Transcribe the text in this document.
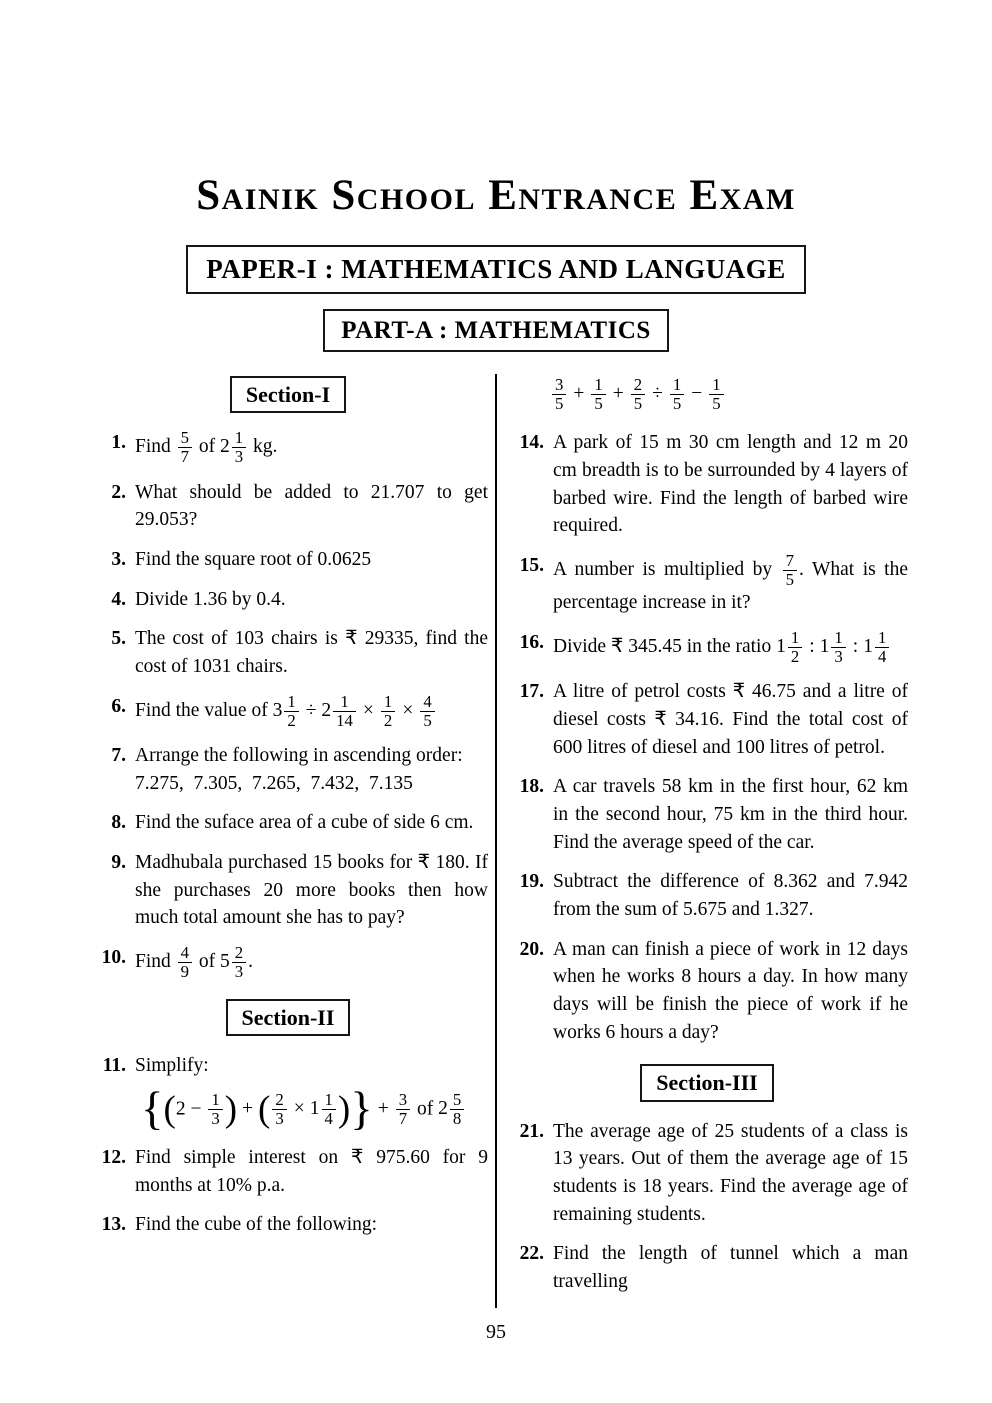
Sainik School Entrance Exam
PAPER-I : MATHEMATICS AND LANGUAGE
PART-A : MATHEMATICS
Section-I
1. Find $\frac{5}{7}$ of $2 \frac{1}{3}$ kg.
2. What should be added to 21.707 to get 29.053?
3. Find the square root of 0.0625
4. Divide 1.36 by 0.4.
5. The cost of 103 chairs is ₹ 29335, find the cost of 1031 chairs.
6. Find the value of $3 \frac{1}{2} \div 2 \frac{1}{14} \times \frac{1}{2} \times \frac{4}{5}$
7. Arrange the following in ascending order:
7.275,  7.305,  7.265,  7.432,  7.135
8. Find the suface area of a cube of side 6 cm.
9. Madhubala purchased 15 books for ₹ 180. If she purchases 20 more books then how much total amount she has to pay?
10. Find $\frac{4}{9}$ of $5 \frac{2}{3}$ .
Section-II
11. Simplify:
{($2 - \frac{1}{3}$ ) + ( $\frac{2}{3} \times 1 \frac{1}{4}$ )} + $\frac{3}{7}$ of $2 \frac{5}{8}$
12. Find simple interest on ₹ 975.60 for 9 months at 10% p.a.
13. Find the cube of the following:
$\frac{3}{5} + \frac{1}{5} + \frac{2}{5} \div \frac{1}{5} - \frac{1}{5}$
14. A park of 15 m 30 cm length and 12 m 20 cm breadth is to be surrounded by 4 layers of barbed wire. Find the length of barbed wire required.
15. A number is multiplied by $\frac{7}{5}$ . What is the percentage increase in it?
16. Divide ₹ 345.45 in the ratio $1 \frac{1}{2}$ : $1 \frac{1}{3}$ : $1 \frac{1}{4}$
17. A litre of petrol costs ₹ 46.75 and a litre of diesel costs ₹ 34.16. Find the total cost of 600 litres of diesel and 100 litres of petrol.
18. A car travels 58 km in the first hour, 62 km in the second hour, 75 km in the third hour. Find the average speed of the car.
19. Subtract the difference of 8.362 and 7.942 from the sum of 5.675 and 1.327.
20. A man can finish a piece of work in 12 days when he works 8 hours a day. In how many days will be finish the piece of work if he works 6 hours a day?
Section-III
21. The average age of 25 students of a class is 13 years. Out of them the average age of 15 students is 18 years. Find the average age of remaining students.
22. Find the length of tunnel which a man travelling
95
